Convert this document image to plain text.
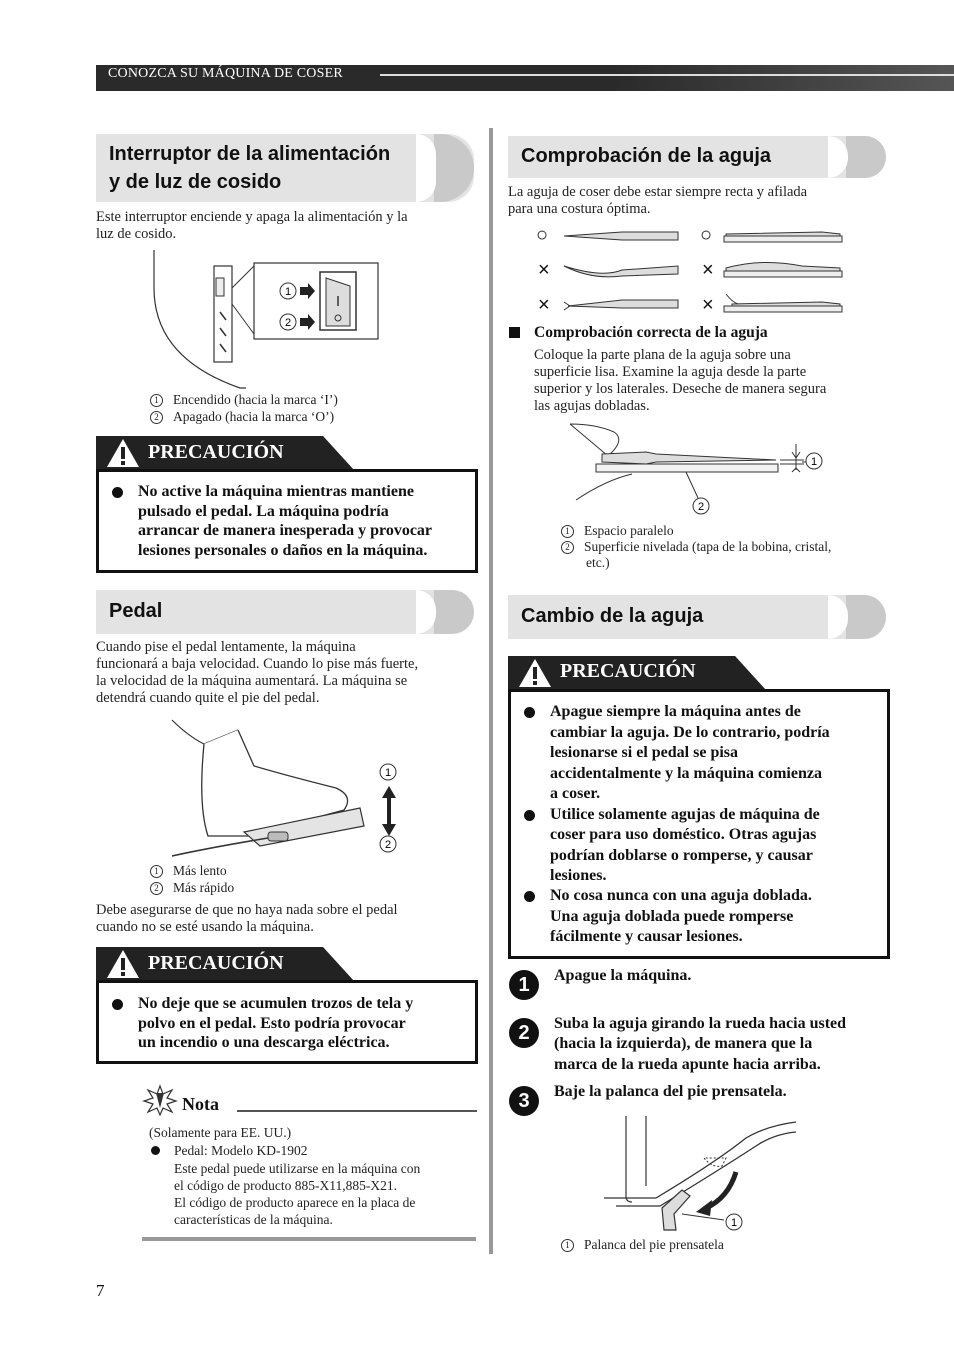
CONOZCA SU MÁQUINA DE COSER
Interruptor de la alimentación
y de luz de cosido
Este interruptor enciende y apaga la alimentación y la
luz de cosido.
1
2
1 Encendido (hacia la marca ‘I’)
2 Apagado (hacia la marca ‘O’)
PRECAUCIÓN
No active la máquina mientras mantiene
pulsado el pedal. La máquina podría
arrancar de manera inesperada y provocar
lesiones personales o daños en la máquina.
Pedal
Cuando pise el pedal lentamente, la máquina
funcionará a baja velocidad. Cuando lo pise más fuerte,
la velocidad de la máquina aumentará. La máquina se
detendrá cuando quite el pie del pedal.
1
2
1 Más lento
2 Más rápido
Debe asegurarse de que no haya nada sobre el pedal
cuando no se esté usando la máquina.
PRECAUCIÓN
No deje que se acumulen trozos de tela y
polvo en el pedal. Esto podría provocar
un incendio o una descarga eléctrica.
Nota
(Solamente para EE. UU.)
Pedal: Modelo KD-1902
Este pedal puede utilizarse en la máquina con
el código de producto 885-X11,885-X21.
El código de producto aparece en la placa de
características de la máquina.
Comprobación de la aguja
La aguja de coser debe estar siempre recta y afilada
para una costura óptima.
○	○
×	×
×	×
Comprobación correcta de la aguja
Coloque la parte plana de la aguja sobre una
superficie lisa. Examine la aguja desde la parte
superior y los laterales. Deseche de manera segura
las agujas dobladas.
1
2
1 Espacio paralelo
2 Superficie nivelada (tapa de la bobina, cristal,
etc.)
Cambio de la aguja
PRECAUCIÓN
Apague siempre la máquina antes de
cambiar la aguja. De lo contrario, podría
lesionarse si el pedal se pisa
accidentalmente y la máquina comienza
a coser.
Utilice solamente agujas de máquina de
coser para uso doméstico. Otras agujas
podrían doblarse o romperse, y causar
lesiones.
No cosa nunca con una aguja doblada.
Una aguja doblada puede romperse
fácilmente y causar lesiones.
1	Apague la máquina.
2	Suba la aguja girando la rueda hacia usted
(hacia la izquierda), de manera que la
marca de la rueda apunte hacia arriba.
3	Baje la palanca del pie prensatela.
1
1 Palanca del pie prensatela
7
